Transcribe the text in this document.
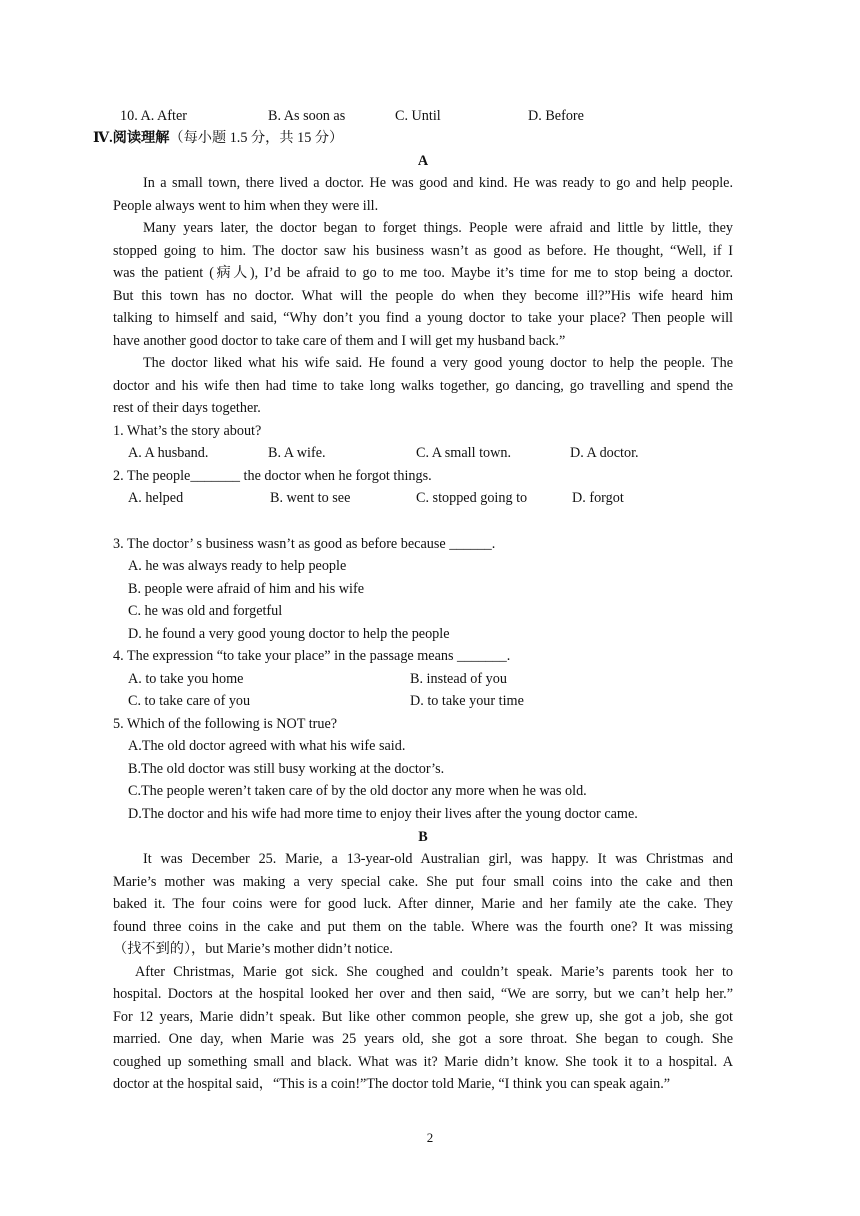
10. A. After	B. As soon as	C. Until	D. Before
Ⅳ.阅读理解（每小题 1.5 分，共 15 分）
A
In a small town, there lived a doctor. He was good and kind. He was ready to go and help people.
People always went to him when they were ill.
Many years later, the doctor began to forget things. People were afraid and little by little, they
stopped going to him. The doctor saw his business wasn’t as good as before. He thought, “Well, if I
was the patient (病人), I’d be afraid to go to me too. Maybe it’s time for me to stop being a doctor.
But this town has no doctor. What will the people do when they become ill?”His wife heard him
talking to himself and said, “Why don’t you find a young doctor to take your place? Then people will
have another good doctor to take care of them and I will get my husband back.”
The doctor liked what his wife said. He found a very good young doctor to help the people. The
doctor and his wife then had time to take long walks together, go dancing, go travelling and spend the
rest of their days together.
1. What’s the story about?
A. A husband.	B. A wife.	C. A small town.	D. A doctor.
2. The people_______ the doctor when he forgot things.
A. helped	B. went to see	C. stopped going to	D. forgot
3. The doctor’ s business wasn’t as good as before because ______.
A. he was always ready to help people
B. people were afraid of him and his wife
C. he was old and forgetful
D. he found a very good young doctor to help the people
4. The expression “to take your place” in the passage means _______.
A. to take you home	B. instead of you
C. to take care of you	D. to take your time
5. Which of the following is NOT true?
A.The old doctor agreed with what his wife said.
B.The old doctor was still busy working at the doctor’s.
C.The people weren’t taken care of by the old doctor any more when he was old.
D.The doctor and his wife had more time to enjoy their lives after the young doctor came.
B
It was December 25. Marie, a 13-year-old Australian girl, was happy. It was Christmas and
Marie’s mother was making a very special cake. She put four small coins into the cake and then
baked it. The four coins were for good luck. After dinner, Marie and her family ate the cake. They
found three coins in the cake and put them on the table. Where was the fourth one? It was missing
（找不到的），but Marie’s mother didn’t notice.
After Christmas, Marie got sick. She coughed and couldn’t speak. Marie’s parents took her to
hospital. Doctors at the hospital looked her over and then said, “We are sorry, but we can’t help her.”
For 12 years, Marie didn’t speak. But like other common people, she grew up, she got a job, she got
married. One day, when Marie was 25 years old, she got a sore throat. She began to cough. She
coughed up something small and black. What was it? Marie didn’t know. She took it to a hospital. A
doctor at the hospital said，“This is a coin!”The doctor told Marie, “I think you can speak again.”
2
